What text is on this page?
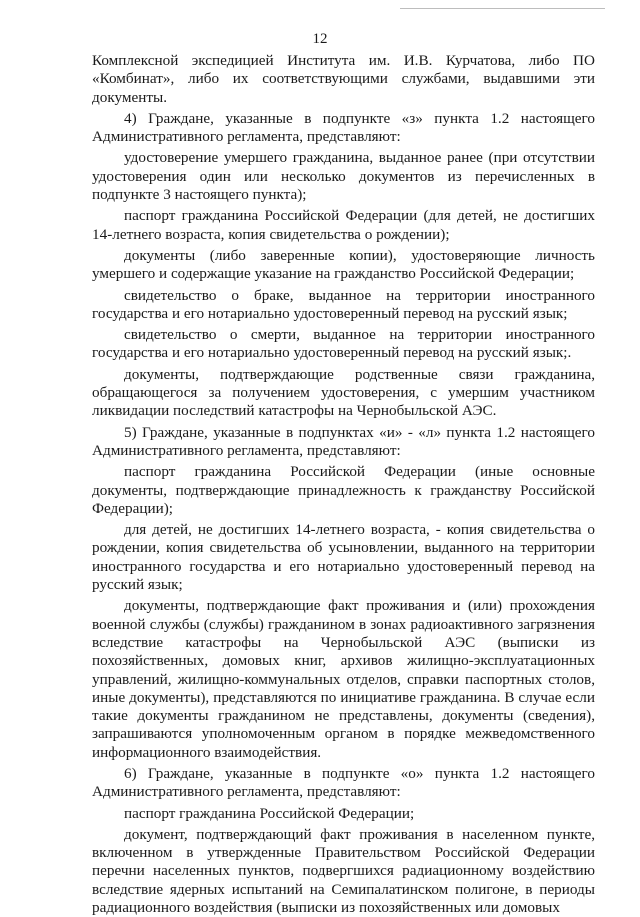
12

Комплексной экспедицией Института им. И.В. Курчатова, либо ПО «Комбинат», либо их соответствующими службами, выдавшими эти документы.

4) Граждане, указанные в подпункте «з» пункта 1.2 настоящего Административного регламента, представляют:

удостоверение умершего гражданина, выданное ранее (при отсутствии удостоверения один или несколько документов из перечисленных в подпункте 3 настоящего пункта);

паспорт гражданина Российской Федерации (для детей, не достигших 14-летнего возраста, копия свидетельства о рождении);

документы (либо заверенные копии), удостоверяющие личность умершего и содержащие указание на гражданство Российской Федерации;

свидетельство о браке, выданное на территории иностранного государства и его нотариально удостоверенный перевод на русский язык;

свидетельство о смерти, выданное на территории иностранного государства и его нотариально удостоверенный перевод на русский язык;.

документы, подтверждающие родственные связи гражданина, обращающегося за получением удостоверения, с умершим участником ликвидации последствий катастрофы на Чернобыльской АЭС.

5) Граждане, указанные в подпунктах «и» - «л» пункта 1.2 настоящего Административного регламента, представляют:

паспорт гражданина Российской Федерации (иные основные документы, подтверждающие принадлежность к гражданству Российской Федерации);

для детей, не достигших 14-летнего возраста, - копия свидетельства о рождении, копия свидетельства об усыновлении, выданного на территории иностранного государства и его нотариально удостоверенный перевод на русский язык;

документы, подтверждающие факт проживания и (или) прохождения военной службы (службы) гражданином в зонах радиоактивного загрязнения вследствие катастрофы на Чернобыльской АЭС (выписки из похозяйственных, домовых книг, архивов жилищно-эксплуатационных управлений, жилищно-коммунальных отделов, справки паспортных столов, иные документы), представляются по инициативе гражданина. В случае если такие документы гражданином не представлены, документы (сведения), запрашиваются уполномоченным органом в порядке межведомственного информационного взаимодействия.

6) Граждане, указанные в подпункте «о» пункта 1.2 настоящего Административного регламента, представляют:

паспорт гражданина Российской Федерации;

документ, подтверждающий факт проживания в населенном пункте, включенном в утвержденные Правительством Российской Федерации перечни населенных пунктов, подвергшихся радиационному воздействию вследствие ядерных испытаний на Семипалатинском полигоне, в периоды радиационного воздействия (выписки из похозяйственных или домовых
